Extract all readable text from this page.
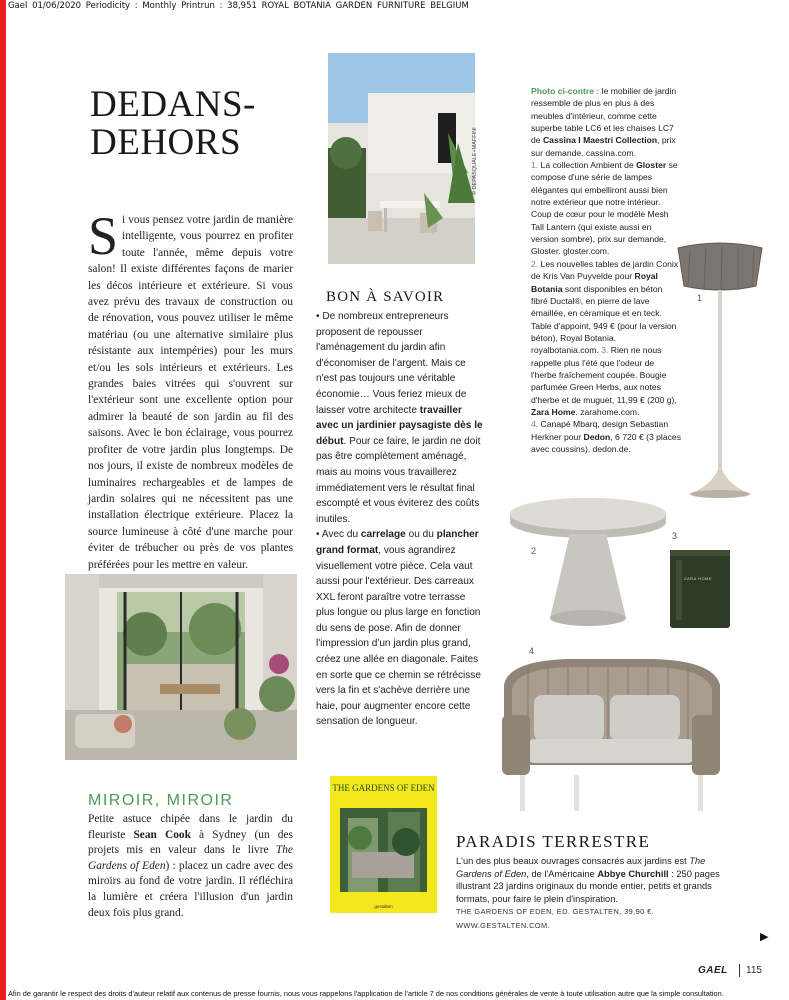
Gael 01/06/2020 Periodicity : Monthly Printrun : 38,951 ROYAL BOTANIA GARDEN FURNITURE BELGIUM
DEDANS-
DEHORS
Si vous pensez votre jardin de manière intelligente, vous pourrez en profiter toute l'année, même depuis votre salon! Il existe différentes façons de marier les décos intérieure et extérieure. Si vous avez prévu des travaux de construction ou de rénovation, vous pouvez utiliser le même matériau (ou une alternative similaire plus résistante aux intempéries) pour les murs et/ou les sols intérieurs et extérieurs. Les grandes baies vitrées qui s'ouvrent sur l'extérieur sont une excellente option pour admirer la beauté de son jardin au fil des saisons. Avec le bon éclairage, vous pourrez profiter de votre jardin plus longtemps. De nos jours, il existe de nombreux modèles de luminaires rechargeables et de lampes de jardin solaires qui ne nécessitent pas une installation électrique extérieure. Placez la source lumineuse à côté d'une marche pour éviter de trébucher ou près de vos plantes préférées pour les mettre en valeur.
MIROIR, MIROIR
Petite astuce chipée dans le jardin du fleuriste Sean Cook à Sydney (un des projets mis en valeur dans le livre The Gardens of Eden) : placez un cadre avec des miroirs au fond de votre jardin. Il réfléchira la lumière et créera l'illusion d'un jardin deux fois plus grand.
© DEPASQUALE+MAFFINI
BON À SAVOIR
• De nombreux entrepreneurs proposent de repousser l'aménagement du jardin afin d'économiser de l'argent. Mais ce n'est pas toujours une véritable économie… Vous feriez mieux de laisser votre architecte travailler avec un jardinier paysagiste dès le début. Pour ce faire, le jardin ne doit pas être complètement aménagé, mais au moins vous travaillerez immédiatement vers le résultat final escompté et vous éviterez des coûts inutiles.
• Avec du carrelage ou du plancher grand format, vous agrandirez visuellement votre pièce. Cela vaut aussi pour l'extérieur. Des carreaux XXL feront paraître votre terrasse plus longue ou plus large en fonction du sens de pose. Afin de donner l'impression d'un jardin plus grand, créez une allée en diagonale. Faites en sorte que ce chemin se rétrécisse vers la fin et s'achève derrière une haie, pour augmenter encore cette sensation de longueur.
Photo ci-contre : le mobilier de jardin ressemble de plus en plus à des meubles d'intérieur, comme cette superbe table LC6 et les chaises LC7 de Cassina I Maestri Collection, prix sur demande. cassina.com.
1. La collection Ambient de Gloster se compose d'une série de lampes élégantes qui embelliront aussi bien notre extérieur que notre intérieur. Coup de cœur pour le modèle Mesh Tall Lantern (qui existe aussi en version sombre), prix sur demande, Gloster. gloster.com.
2. Les nouvelles tables de jardin Conix de Kris Van Puyvelde pour Royal Botania sont disponibles en béton fibré Ductal®, en pierre de lave émaillée, en céramique et en teck. Table d'appoint, 949 € (pour la version béton), Royal Botania. royalbotania.com. 3. Rien ne nous rappelle plus l'été que l'odeur de l'herbe fraîchement coupée. Bougie parfumée Green Herbs, aux notes d'herbe et de muguet, 11,99 € (200 g), Zara Home. zarahome.com.
4. Canapé Mbarq, design Sebastian Herkner pour Dedon, 6 720 € (3 places avec coussins). dedon.de.
1
2
ZARA HOME
3
4
THE GARDENS OF EDEN
gestalten
PARADIS TERRESTRE
L'un des plus beaux ouvrages consacrés aux jardins est The Gardens of Eden, de l'Américaine Abbye Churchill : 250 pages illustrant 23 jardins originaux du monde entier, petits et grands formats, pour faire le plein d'inspiration.
THE GARDENS OF EDEN, ED. GESTALTEN, 39,90 €. WWW.GESTALTEN.COM.
▶
GAEL 115
Afin de garantir le respect des droits d'auteur relatif aux contenus de presse fournis, nous vous rappelons l'application de l'article 7 de nos conditions générales de vente à toute utilisation autre que la simple consultation.
